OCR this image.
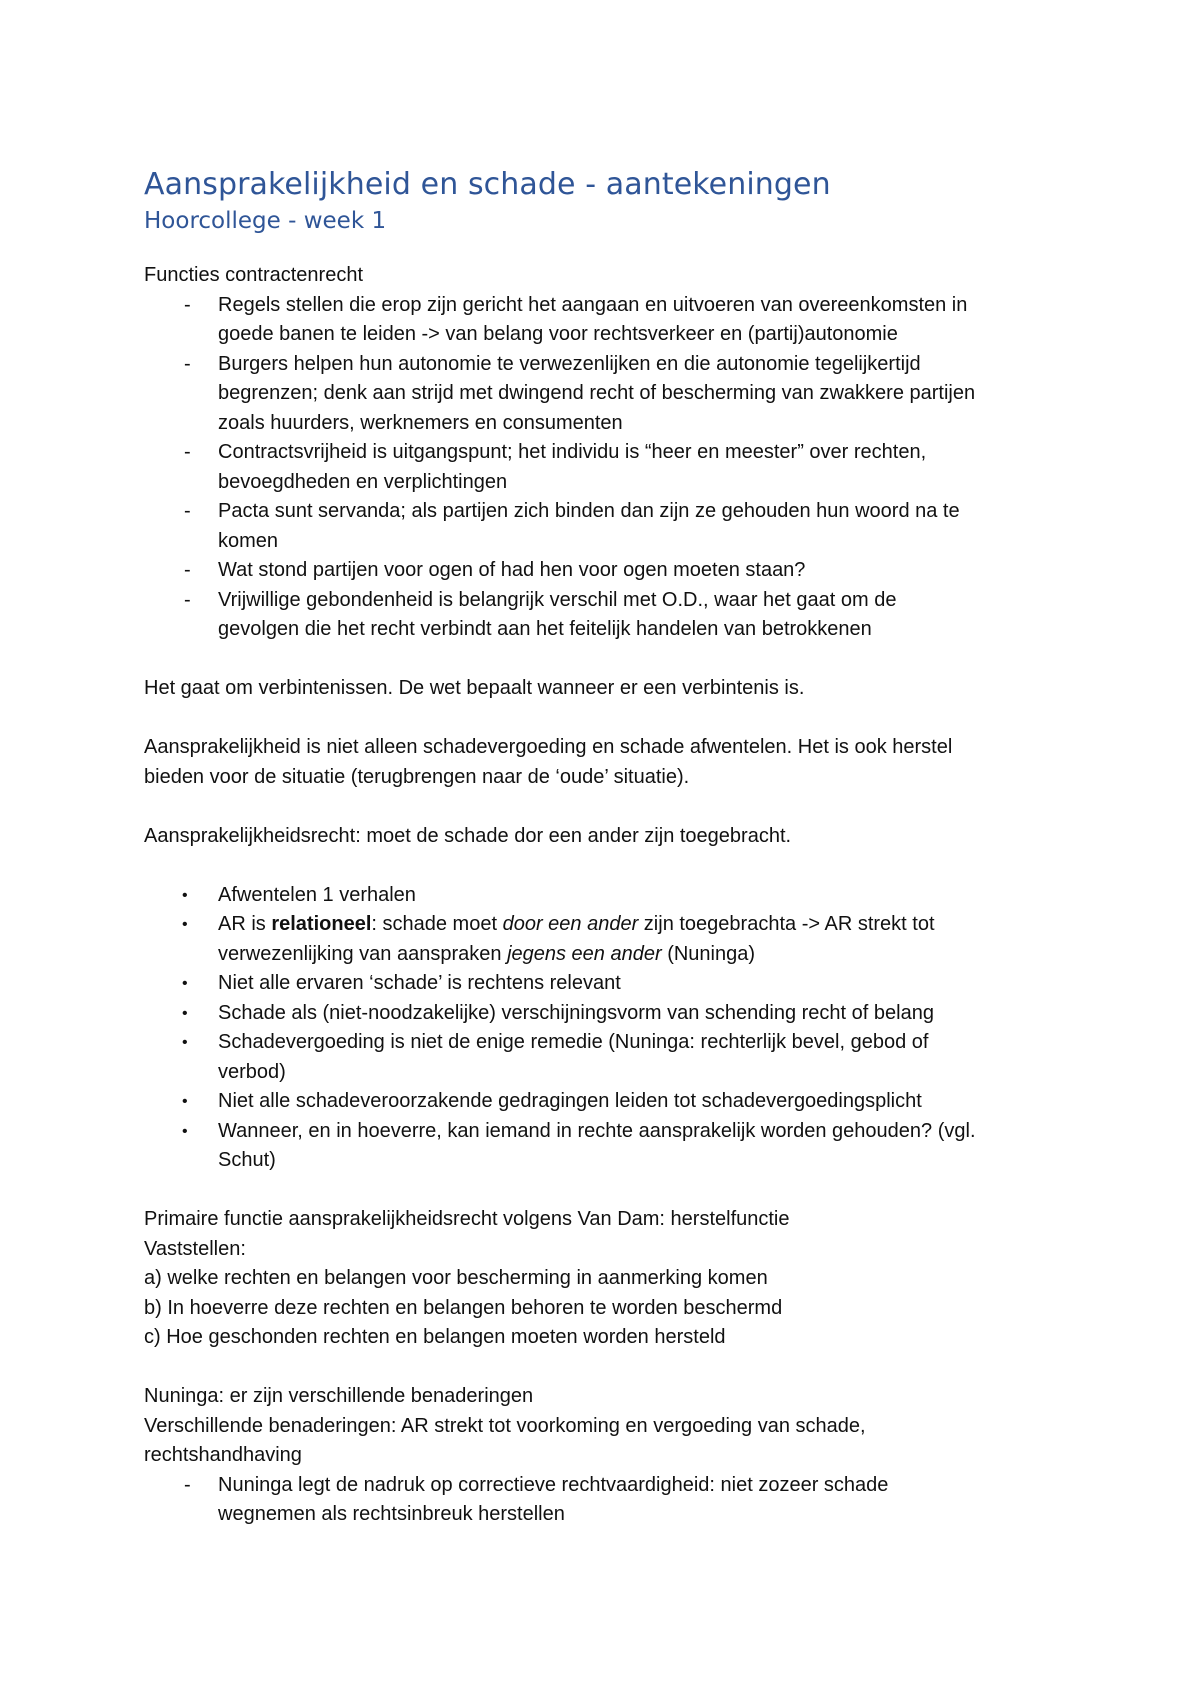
Aansprakelijkheid en schade - aantekeningen
Hoorcollege - week 1
Functies contractenrecht
- Regels stellen die erop zijn gericht het aangaan en uitvoeren van overeenkomsten in
goede banen te leiden -> van belang voor rechtsverkeer en (partij)autonomie
- Burgers helpen hun autonomie te verwezenlijken en die autonomie tegelijkertijd
begrenzen; denk aan strijd met dwingend recht of bescherming van zwakkere partijen
zoals huurders, werknemers en consumenten
- Contractsvrijheid is uitgangspunt; het individu is “heer en meester” over rechten,
bevoegdheden en verplichtingen
- Pacta sunt servanda; als partijen zich binden dan zijn ze gehouden hun woord na te
komen
- Wat stond partijen voor ogen of had hen voor ogen moeten staan?
- Vrijwillige gebondenheid is belangrijk verschil met O.D., waar het gaat om de
gevolgen die het recht verbindt aan het feitelijk handelen van betrokkenen
Het gaat om verbintenissen. De wet bepaalt wanneer er een verbintenis is.
Aansprakelijkheid is niet alleen schadevergoeding en schade afwentelen. Het is ook herstel
bieden voor de situatie (terugbrengen naar de ‘oude’ situatie).
Aansprakelijkheidsrecht: moet de schade dor een ander zijn toegebracht.
• Afwentelen 1 verhalen
• AR is relationeel: schade moet door een ander zijn toegebrachta -> AR strekt tot
verwezenlijking van aanspraken jegens een ander (Nuninga)
• Niet alle ervaren ‘schade’ is rechtens relevant
• Schade als (niet-noodzakelijke) verschijningsvorm van schending recht of belang
• Schadevergoeding is niet de enige remedie (Nuninga: rechterlijk bevel, gebod of
verbod)
• Niet alle schadeveroorzakende gedragingen leiden tot schadevergoedingsplicht
• Wanneer, en in hoeverre, kan iemand in rechte aansprakelijk worden gehouden? (vgl.
Schut)
Primaire functie aansprakelijkheidsrecht volgens Van Dam: herstelfunctie
Vaststellen:
a) welke rechten en belangen voor bescherming in aanmerking komen
b) In hoeverre deze rechten en belangen behoren te worden beschermd
c) Hoe geschonden rechten en belangen moeten worden hersteld
Nuninga: er zijn verschillende benaderingen
Verschillende benaderingen: AR strekt tot voorkoming en vergoeding van schade,
rechtshandhaving
- Nuninga legt de nadruk op correctieve rechtvaardigheid: niet zozeer schade
wegnemen als rechtsinbreuk herstellen
